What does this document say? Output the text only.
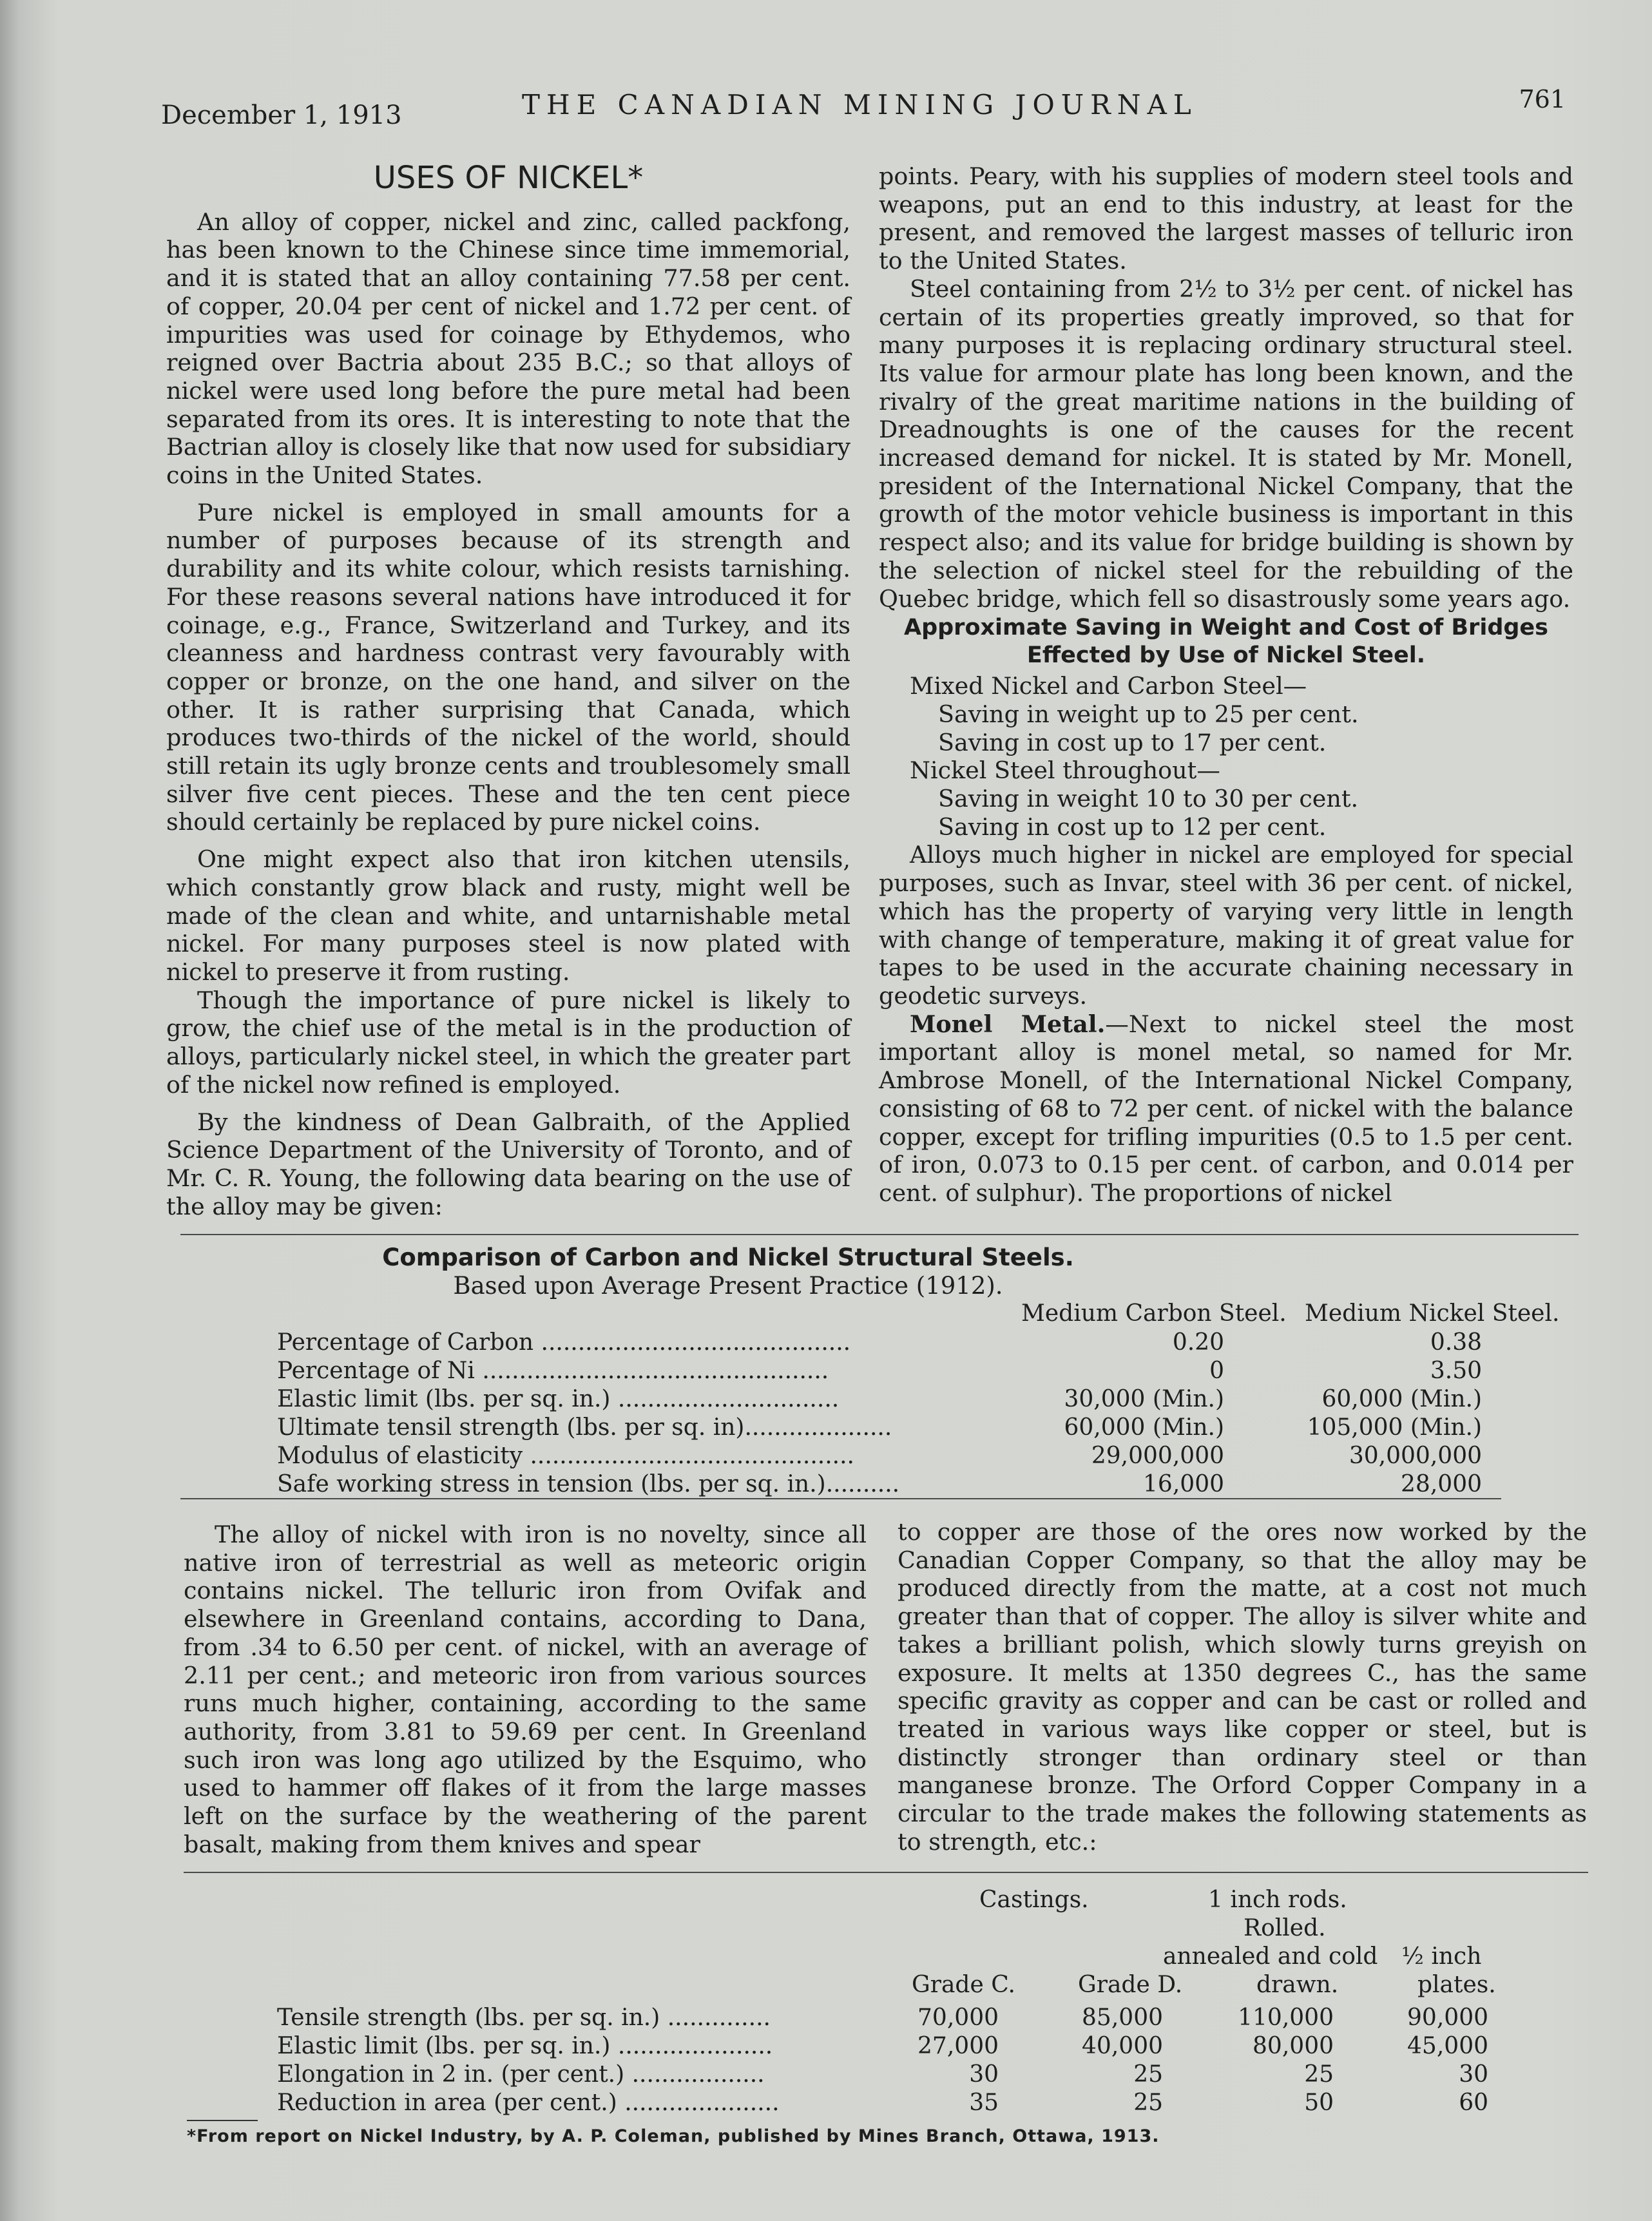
December 1, 1913	THE CANADIAN MINING JOURNAL	761
USES OF NICKEL*

An alloy of copper, nickel and zinc, called packfong, has been known to the Chinese since time immemorial, and it is stated that an alloy containing 77.58 per cent. of copper, 20.04 per cent of nickel and 1.72 per cent. of impurities was used for coinage by Ethydemos, who reigned over Bactria about 235 B.C.; so that alloys of nickel were used long before the pure metal had been separated from its ores. It is interesting to note that the Bactrian alloy is closely like that now used for subsidiary coins in the United States.

Pure nickel is employed in small amounts for a number of purposes because of its strength and durability and its white colour, which resists tarnishing. For these reasons several nations have introduced it for coinage, e.g., France, Switzerland and Turkey, and its cleanness and hardness contrast very favourably with copper or bronze, on the one hand, and silver on the other. It is rather surprising that Canada, which produces two-thirds of the nickel of the world, should still retain its ugly bronze cents and troublesomely small silver five cent pieces. These and the ten cent piece should certainly be replaced by pure nickel coins.

One might expect also that iron kitchen utensils, which constantly grow black and rusty, might well be made of the clean and white, and untarnishable metal nickel. For many purposes steel is now plated with nickel to preserve it from rusting.

Though the importance of pure nickel is likely to grow, the chief use of the metal is in the production of alloys, particularly nickel steel, in which the greater part of the nickel now refined is employed.

By the kindness of Dean Galbraith, of the Applied Science Department of the University of Toronto, and of Mr. C. R. Young, the following data bearing on the use of the alloy may be given:

points. Peary, with his supplies of modern steel tools and weapons, put an end to this industry, at least for the present, and removed the largest masses of telluric iron to the United States.

Steel containing from 2½ to 3½ per cent. of nickel has certain of its properties greatly improved, so that for many purposes it is replacing ordinary structural steel. Its value for armour plate has long been known, and the rivalry of the great maritime nations in the building of Dreadnoughts is one of the causes for the recent increased demand for nickel. It is stated by Mr. Monell, president of the International Nickel Company, that the growth of the motor vehicle business is important in this respect also; and its value for bridge building is shown by the selection of nickel steel for the rebuilding of the Quebec bridge, which fell so disastrously some years ago.

Approximate Saving in Weight and Cost of Bridges Effected by Use of Nickel Steel.
Mixed Nickel and Carbon Steel—
Saving in weight up to 25 per cent.
Saving in cost up to 17 per cent.
Nickel Steel throughout—
Saving in weight 10 to 30 per cent.
Saving in cost up to 12 per cent.

Alloys much higher in nickel are employed for special purposes, such as Invar, steel with 36 per cent. of nickel, which has the property of varying very little in length with change of temperature, making it of great value for tapes to be used in the accurate chaining necessary in geodetic surveys.

Monel Metal.—Next to nickel steel the most important alloy is monel metal, so named for Mr. Ambrose Monell, of the International Nickel Company, consisting of 68 to 72 per cent. of nickel with the balance copper, except for trifling impurities (0.5 to 1.5 per cent. of iron, 0.073 to 0.15 per cent. of carbon, and 0.014 per cent. of sulphur). The proportions of nickel

Comparison of Carbon and Nickel Structural Steels.
Based upon Average Present Practice (1912).
Medium Carbon Steel. Medium Nickel Steel.
Percentage of Carbon ..........................................	0.20	0.38
Percentage of Ni ...............................................	0	3.50
Elastic limit (lbs. per sq. in.) ..............................	30,000 (Min.)	60,000 (Min.)
Ultimate tensil strength (lbs. per sq. in)....................	60,000 (Min.)	105,000 (Min.)
Modulus of elasticity ............................................	29,000,000	30,000,000
Safe working stress in tension (lbs. per sq. in.)..........	16,000	28,000

The alloy of nickel with iron is no novelty, since all native iron of terrestrial as well as meteoric origin contains nickel. The telluric iron from Ovifak and elsewhere in Greenland contains, according to Dana, from .34 to 6.50 per cent. of nickel, with an average of 2.11 per cent.; and meteoric iron from various sources runs much higher, containing, according to the same authority, from 3.81 to 59.69 per cent. In Greenland such iron was long ago utilized by the Esquimo, who used to hammer off flakes of it from the large masses left on the surface by the weathering of the parent basalt, making from them knives and spear

to copper are those of the ores now worked by the Canadian Copper Company, so that the alloy may be produced directly from the matte, at a cost not much greater than that of copper. The alloy is silver white and takes a brilliant polish, which slowly turns greyish on exposure. It melts at 1350 degrees C., has the same specific gravity as copper and can be cast or rolled and treated in various ways like copper or steel, but is distinctly stronger than ordinary steel or than manganese bronze. The Orford Copper Company in a circular to the trade makes the following statements as to strength, etc.:

Castings.	1 inch rods.
Rolled.
annealed and cold ½ inch
Grade C.	Grade D.	drawn.	plates.
Tensile strength (lbs. per sq. in.) ..............	70,000	85,000	110,000	90,000
Elastic limit (lbs. per sq. in.) .....................	27,000	40,000	80,000	45,000
Elongation in 2 in. (per cent.) ..................	30	25	25	30
Reduction in area (per cent.) .....................	35	25	50	60
*From report on Nickel Industry, by A. P. Coleman, published by Mines Branch, Ottawa, 1913.
